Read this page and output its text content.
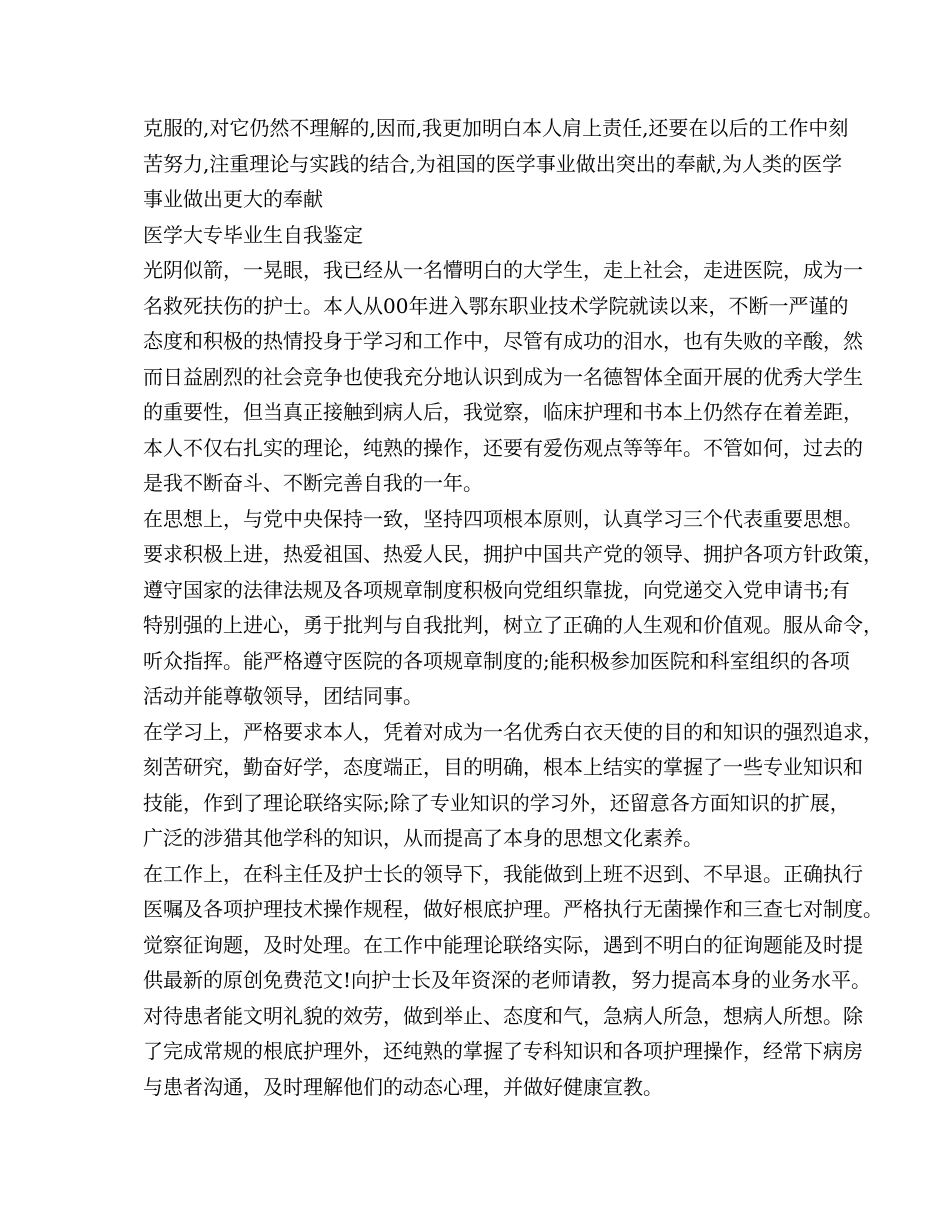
克服的,对它仍然不理解的,因而,我更加明白本人肩上责任,还要在以后的工作中刻
苦努力,注重理论与实践的结合,为祖国的医学事业做出突出的奉献,为人类的医学
事业做出更大的奉献
医学大专毕业生自我鉴定
光阴似箭，一晃眼，我已经从一名懵明白的大学生，走上社会，走进医院，成为一
名救死扶伤的护士。本人从00年进入鄂东职业技术学院就读以来，不断一严谨的
态度和积极的热情投身于学习和工作中，尽管有成功的泪水，也有失败的辛酸，然
而日益剧烈的社会竞争也使我充分地认识到成为一名德智体全面开展的优秀大学生
的重要性，但当真正接触到病人后，我觉察，临床护理和书本上仍然存在着差距，
本人不仅右扎实的理论，纯熟的操作，还要有爱伤观点等等年。不管如何，过去的
是我不断奋斗、不断完善自我的一年。
在思想上，与党中央保持一致，坚持四项根本原则，认真学习三个代表重要思想。
要求积极上进，热爱祖国、热爱人民，拥护中国共产党的领导、拥护各项方针政策，
遵守国家的法律法规及各项规章制度积极向党组织靠拢，向党递交入党申请书;有
特别强的上进心，勇于批判与自我批判，树立了正确的人生观和价值观。服从命令，
听众指挥。能严格遵守医院的各项规章制度的;能积极参加医院和科室组织的各项
活动并能尊敬领导，团结同事。
在学习上，严格要求本人，凭着对成为一名优秀白衣天使的目的和知识的强烈追求，
刻苦研究，勤奋好学，态度端正，目的明确，根本上结实的掌握了一些专业知识和
技能，作到了理论联络实际;除了专业知识的学习外，还留意各方面知识的扩展，
广泛的涉猎其他学科的知识，从而提高了本身的思想文化素养。
在工作上，在科主任及护士长的领导下，我能做到上班不迟到、不早退。正确执行
医嘱及各项护理技术操作规程，做好根底护理。严格执行无菌操作和三查七对制度。
觉察征询题，及时处理。在工作中能理论联络实际，遇到不明白的征询题能及时提
供最新的原创免费范文!向护士长及年资深的老师请教，努力提高本身的业务水平。
对待患者能文明礼貌的效劳，做到举止、态度和气，急病人所急，想病人所想。除
了完成常规的根底护理外，还纯熟的掌握了专科知识和各项护理操作，经常下病房
与患者沟通，及时理解他们的动态心理，并做好健康宣教。
